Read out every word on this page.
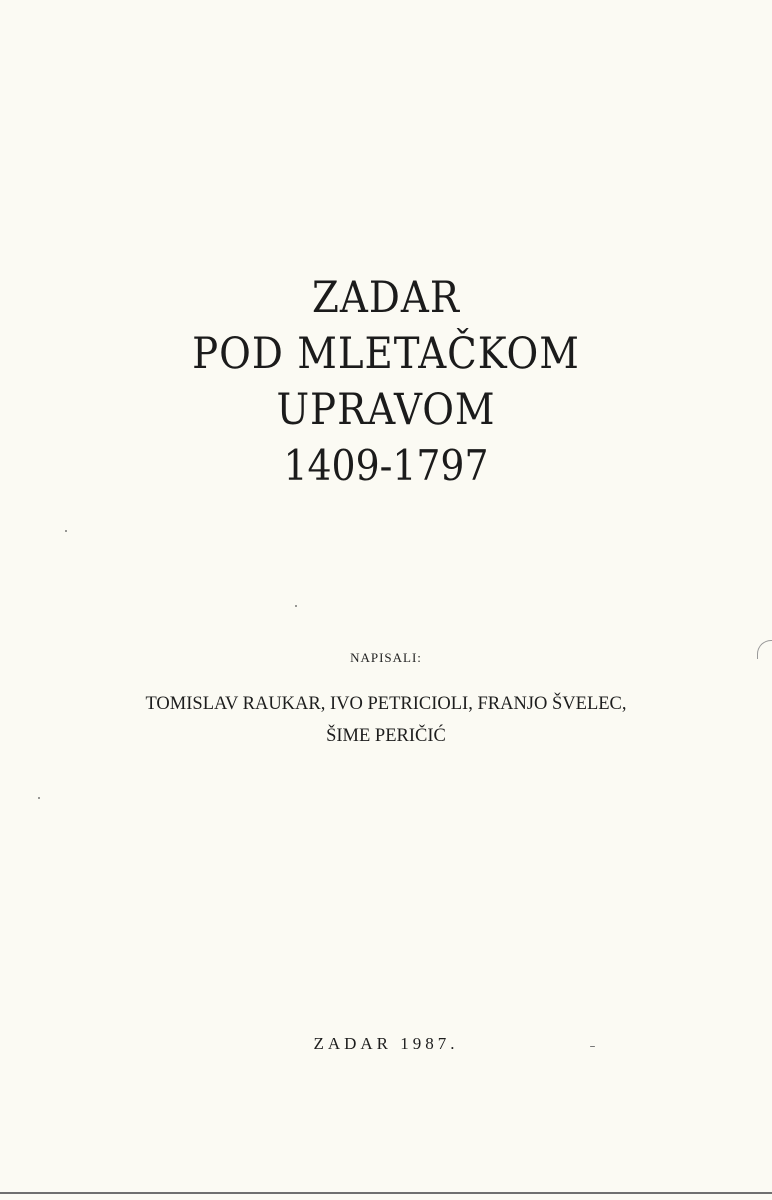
ZADAR
POD MLETAČKOM
UPRAVOM
1409-1797
NAPISALI:
TOMISLAV RAUKAR, IVO PETRICIOLI, FRANJO ŠVELEC,
ŠIME PERIČIĆ
ZADAR 1987.
